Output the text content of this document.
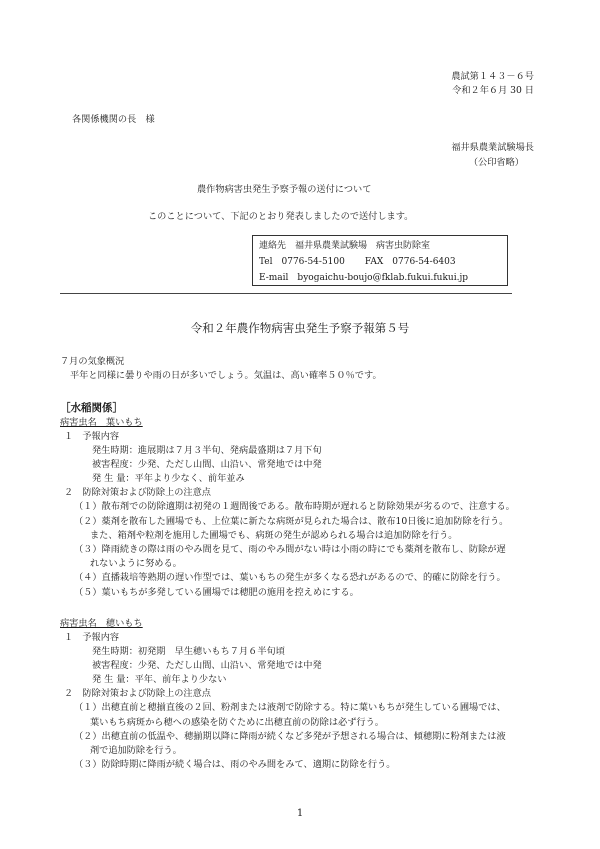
農試第１４３－６号
令和２年６月 30 日
各関係機関の長　様
福井県農業試験場長
（公印省略）
農作物病害虫発生予察予報の送付について
このことについて、下記のとおり発表しましたので送付します。
連絡先　福井県農業試験場　病害虫防除室
Tel　0776-54-5100 FAX　0776-54-6403
E-mail　byogaichu-boujo@fklab.fukui.fukui.jp
令和２年農作物病害虫発生予察予報第５号
７月の気象概況
平年と同様に曇りや雨の日が多いでしょう。気温は、高い確率５０％です。
［水稲関係］
病害虫名　葉いもち
１　予報内容
発生時期：進展期は７月３半旬、発病最盛期は７月下旬
被害程度：少発、ただし山間、山沿い、常発地では中発
発 生 量：平年より少なく、前年並み
２　防除対策および防除上の注意点
（１）散布剤での防除適期は初発の１週間後である。散布時期が遅れると防除効果が劣るので、注意する。
（２）薬剤を散布した圃場でも、上位葉に新たな病斑が見られた場合は、散布10日後に追加防除を行う。
また、箱剤や粒剤を施用した圃場でも、病斑の発生が認められる場合は追加防除を行う。
（３）降雨続きの際は雨のやみ間を見て、雨のやみ間がない時は小雨の時にでも薬剤を散布し、防除が遅
れないように努める。
（４）直播栽培等熟期の遅い作型では、葉いもちの発生が多くなる恐れがあるので、的確に防除を行う。
（５）葉いもちが多発している圃場では穂肥の施用を控えめにする。
病害虫名　穂いもち
１　予報内容
発生時期：初発期　早生穂いもち７月６半旬頃
被害程度：少発、ただし山間、山沿い、常発地では中発
発 生 量：平年、前年より少ない
２　防除対策および防除上の注意点
（１）出穂直前と穂揃直後の２回、粉剤または液剤で防除する。特に葉いもちが発生している圃場では、
葉いもち病斑から穂への感染を防ぐために出穂直前の防除は必ず行う。
（２）出穂直前の低温や、穂揃期以降に降雨が続くなど多発が予想される場合は、傾穂期に粉剤または液
剤で追加防除を行う。
（３）防除時期に降雨が続く場合は、雨のやみ間をみて、適期に防除を行う。
1
